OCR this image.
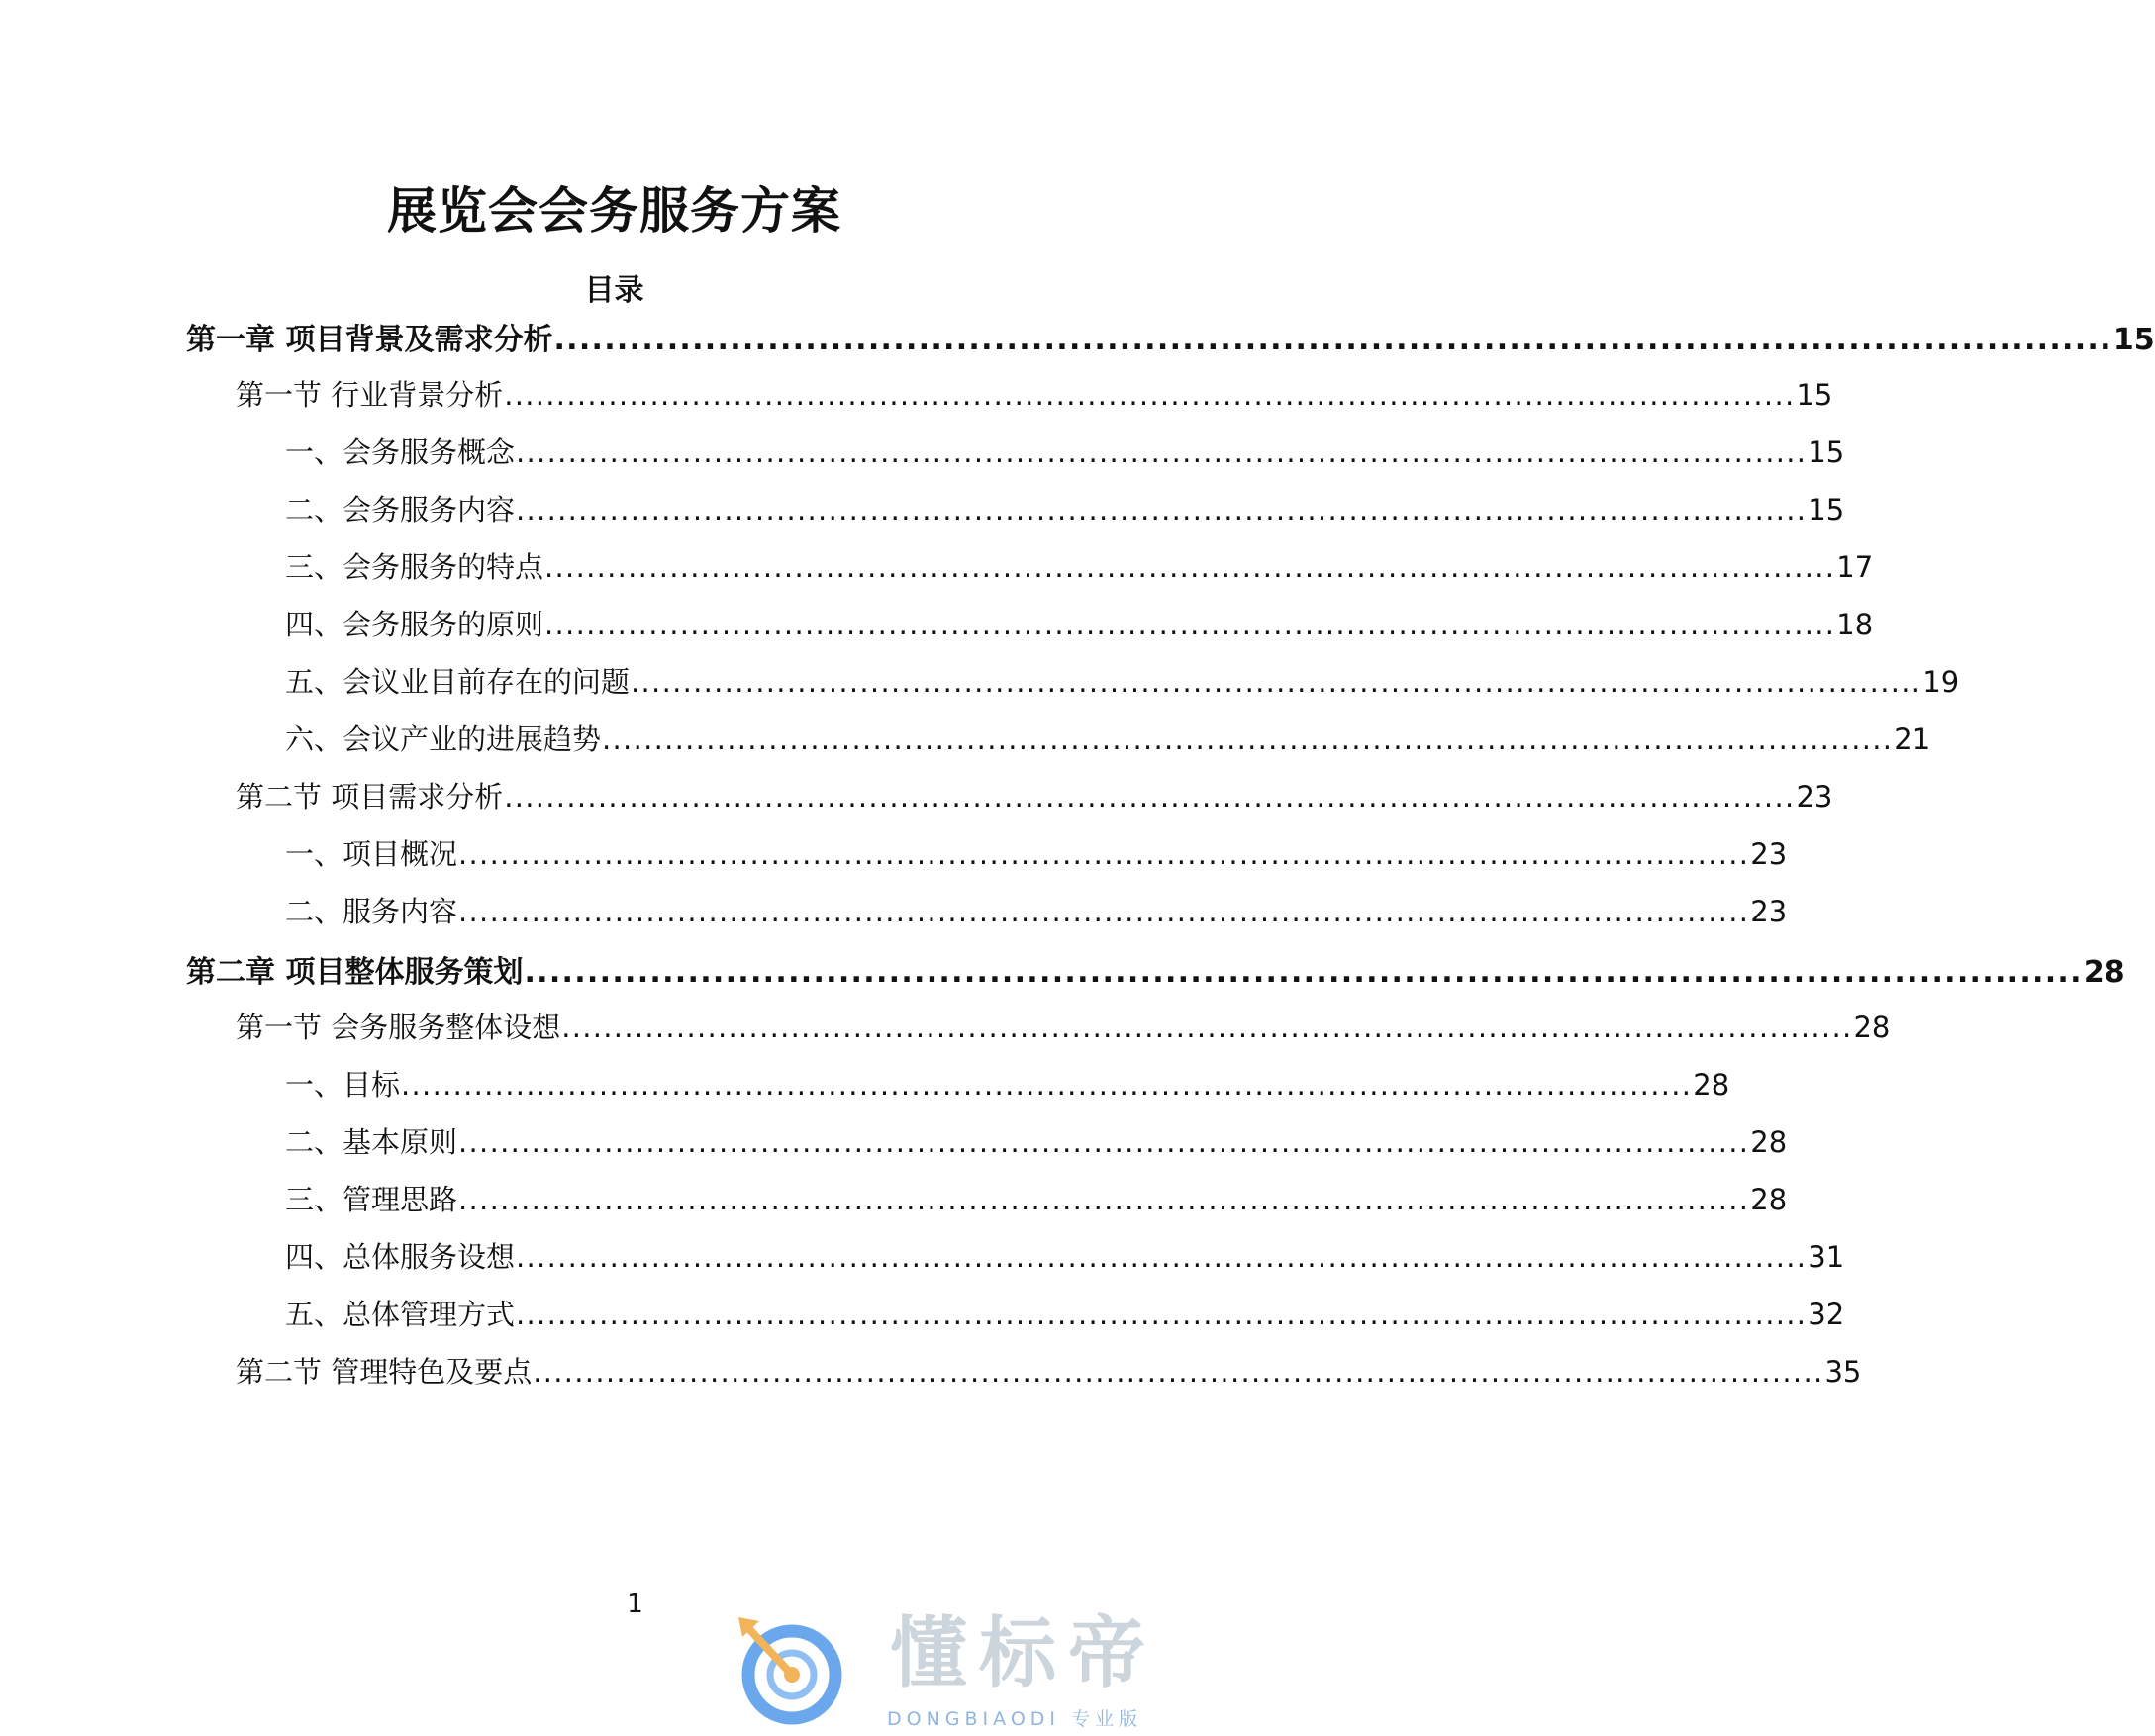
展览会会务服务方案
目录
第一章 项目背景及需求分析 ............................................................................................................................ 15
第一节 行业背景分析 ............................................................................................................................ 15
一、会务服务概念 ............................................................................................................................ 15
二、会务服务内容 ............................................................................................................................ 15
三、会务服务的特点 ............................................................................................................................ 17
四、会务服务的原则 ............................................................................................................................ 18
五、会议业目前存在的问题 ............................................................................................................................ 19
六、会议产业的进展趋势 ............................................................................................................................ 21
第二节 项目需求分析 ............................................................................................................................ 23
一、项目概况 ............................................................................................................................ 23
二、服务内容 ............................................................................................................................ 23
第二章 项目整体服务策划 ............................................................................................................................ 28
第一节 会务服务整体设想 ............................................................................................................................ 28
一、目标 ............................................................................................................................ 28
二、基本原则 ............................................................................................................................ 28
三、管理思路 ............................................................................................................................ 28
四、总体服务设想 ............................................................................................................................ 31
五、总体管理方式 ............................................................................................................................ 32
第二节 管理特色及要点 ............................................................................................................................ 35
1
懂标帝
DONGBIAODI 专业版
